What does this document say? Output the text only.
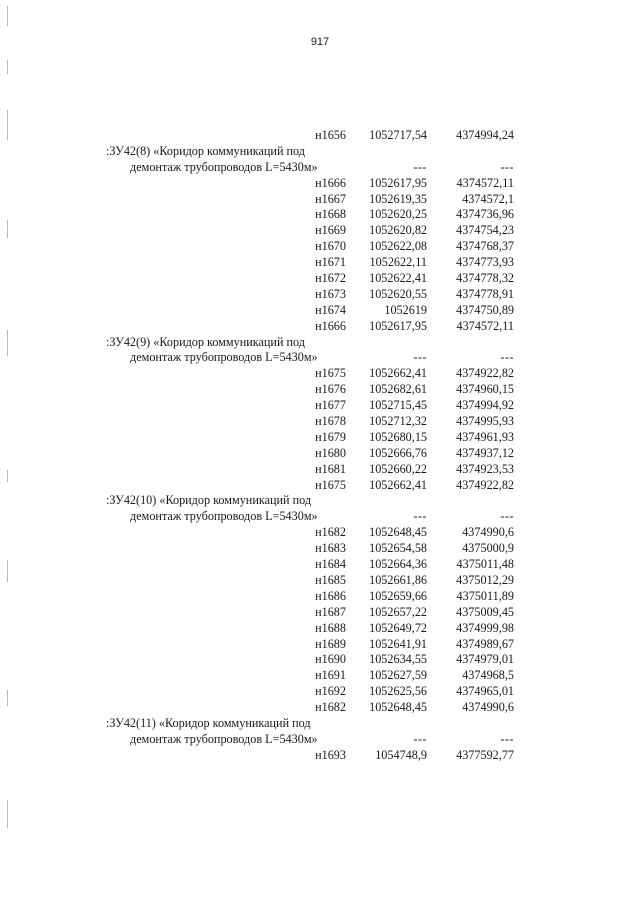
917
н1656 1052717,54 4374994,24
:ЗУ42(8) «Коридор коммуникаций под
демонтаж трубопроводов L=5430м»	---	---
н1666 1052617,95 4374572,11
н1667 1052619,35	4374572,1
н1668 1052620,25 4374736,96
н1669 1052620,82 4374754,23
н1670 1052622,08 4374768,37
н1671 1052622,11 4374773,93
н1672 1052622,41 4374778,32
н1673 1052620,55 4374778,91
н1674	1052619 4374750,89
н1666 1052617,95 4374572,11
:ЗУ42(9) «Коридор коммуникаций под
демонтаж трубопроводов L=5430м»	---	---
н1675 1052662,41 4374922,82
н1676 1052682,61 4374960,15
н1677 1052715,45 4374994,92
н1678 1052712,32 4374995,93
н1679 1052680,15 4374961,93
н1680 1052666,76 4374937,12
н1681 1052660,22 4374923,53
н1675 1052662,41 4374922,82
:ЗУ42(10) «Коридор коммуникаций под
демонтаж трубопроводов L=5430м»	---	---
н1682 1052648,45	4374990,6
н1683 1052654,58	4375000,9
н1684 1052664,36 4375011,48
н1685 1052661,86 4375012,29
н1686 1052659,66 4375011,89
н1687 1052657,22 4375009,45
н1688 1052649,72 4374999,98
н1689 1052641,91 4374989,67
н1690 1052634,55 4374979,01
н1691 1052627,59	4374968,5
н1692 1052625,56 4374965,01
н1682 1052648,45	4374990,6
:ЗУ42(11) «Коридор коммуникаций под
демонтаж трубопроводов L=5430м»	---	---
н1693 1054748,9 4377592,77
